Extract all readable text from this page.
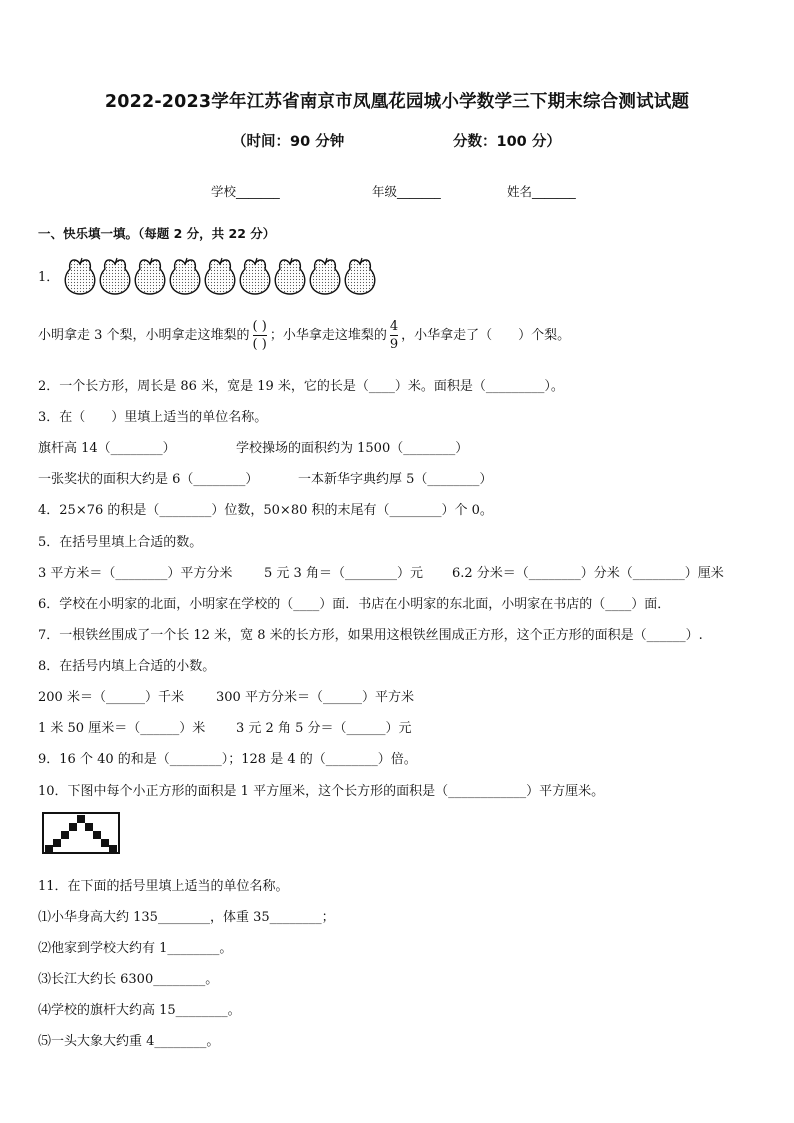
2022-2023学年江苏省南京市凤凰花园城小学数学三下期末综合测试试题
（时间：90 分钟	分数：100 分）
学校_______	年级_______	姓名_______
一、快乐填一填。（每题 2 分，共 22 分）
1．
小明拿走 3 个梨，小明拿走这堆梨的 $\frac{( )}{( )}$ ；小华拿走这堆梨的 $\frac{4}{9}$ ，小华拿走了（　　）个梨。
2．一个长方形，周长是 86 米，宽是 19 米，它的长是（____）米。面积是（_________）。
3．在（　　）里填上适当的单位名称。
旗杆高 14（________）	学校操场的面积约为 1500（________）
一张奖状的面积大约是 6（________）	一本新华字典约厚 5（________）
4．25×76 的积是（________）位数，50×80 积的末尾有（________）个 0。
5．在括号里填上合适的数。
3 平方米＝（________）平方分米 5 元 3 角＝（________）元 6.2 分米＝（________）分米（________）厘米
6．学校在小明家的北面，小明家在学校的（____）面．书店在小明家的东北面，小明家在书店的（____）面．
7．一根铁丝围成了一个长 12 米，宽 8 米的长方形，如果用这根铁丝围成正方形，这个正方形的面积是（______）.
8．在括号内填上合适的小数。
200 米＝（______）千米 300 平方分米＝（______）平方米
1 米 50 厘米＝（______）米 3 元 2 角 5 分＝（______）元
9．16 个 40 的和是（________）；128 是 4 的（________）倍。
10．下图中每个小正方形的面积是 1 平方厘米，这个长方形的面积是（____________）平方厘米。
11．在下面的括号里填上适当的单位名称。
⑴小华身高大约 135________，体重 35________；
⑵他家到学校大约有 1________。
⑶长江大约长 6300________。
⑷学校的旗杆大约高 15________。
⑸一头大象大约重 4________。
